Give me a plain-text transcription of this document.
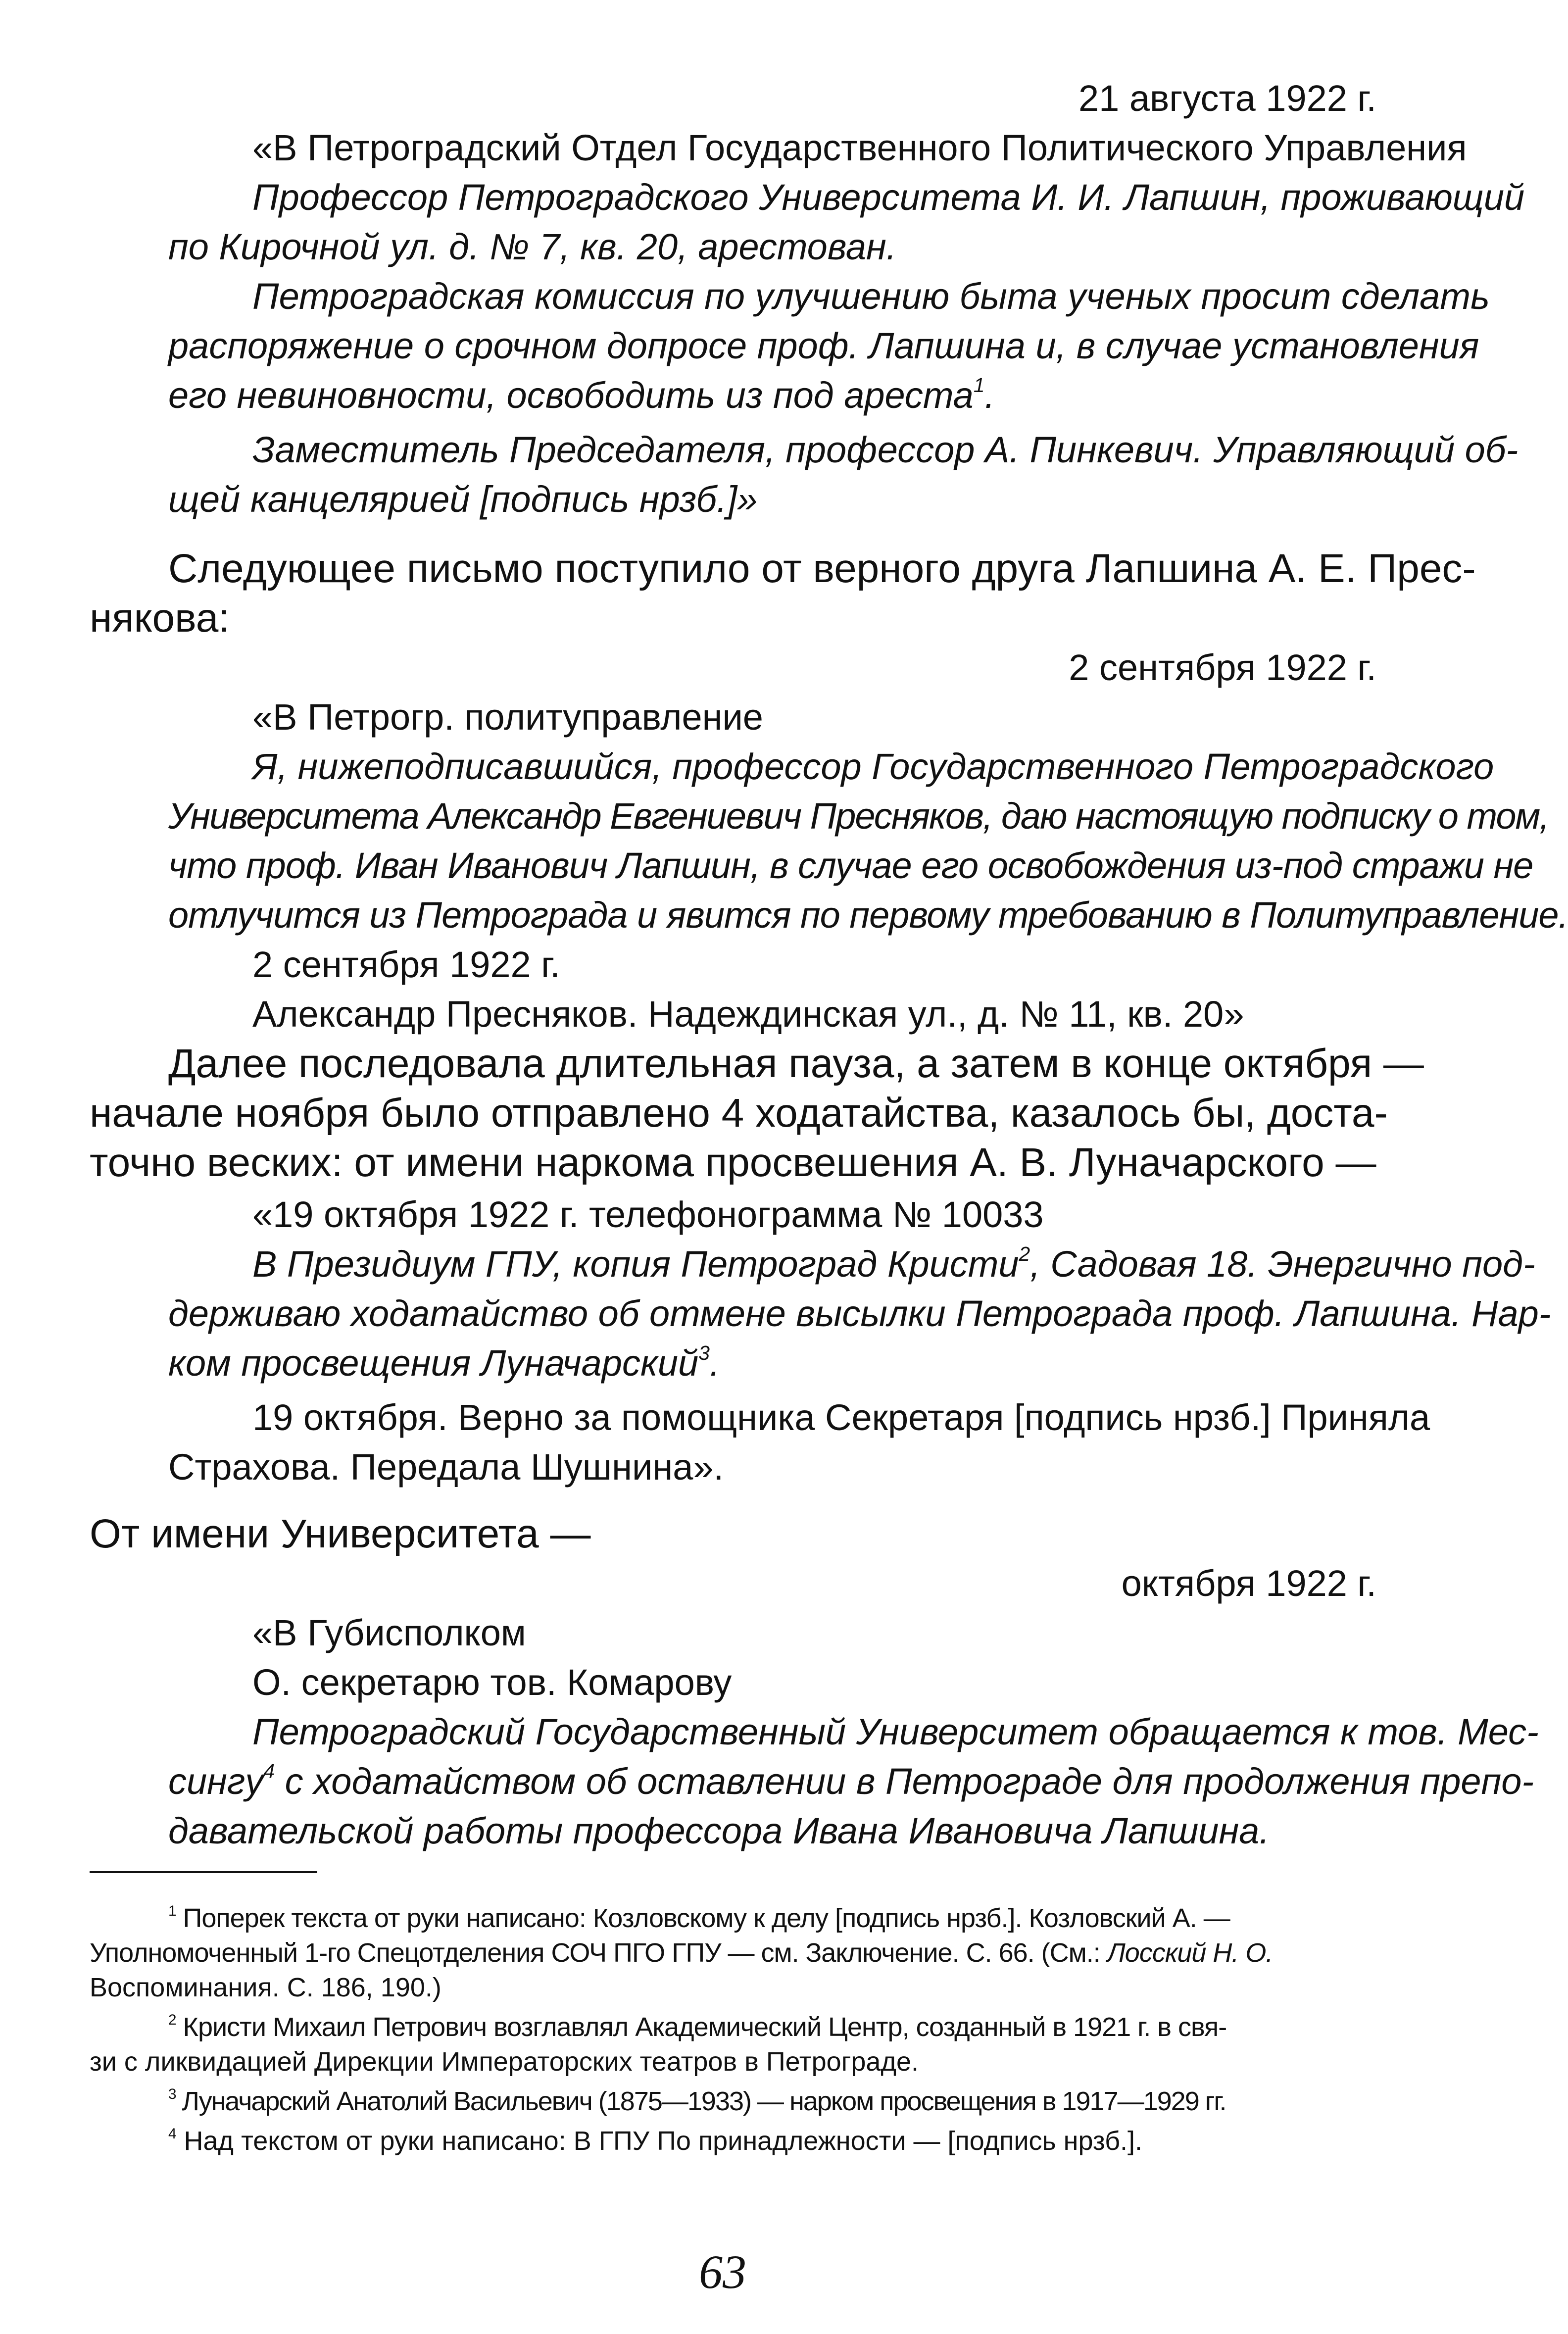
21 августа 1922 г.

«В Петроградский Отдел Государственного Политического Управления

Профессор Петроградского Университета И. И. Лапшин, проживающий

по Кирочной ул. д. № 7, кв. 20, арестован.

Петроградская комиссия по улучшению быта ученых просит сделать

распоряжение о срочном допросе проф. Лапшина и, в случае установления

его невиновности, освободить из под ареста$^1$.

Заместитель Председателя, профессор А. Пинкевич. Управляющий об-

щей канцелярией [подпись нрзб.]»

Следующее письмо поступило от верного друга Лапшина А. Е. Прес-

някова:

2 сентября 1922 г.

«В Петрогр. политуправление

Я, нижеподписавшийся, профессор Государственного Петроградского

Университета Александр Евгениевич Пресняков, даю настоящую подписку о том,

что проф. Иван Иванович Лапшин, в случае его освобождения из-под стражи не

отлучится из Петрограда и явится по первому требованию в Политуправление.

2 сентября 1922 г.

Александр Пресняков. Надеждинская ул., д. № 11, кв. 20»

Далее последовала длительная пауза, а затем в конце октября —

начале ноября было отправлено 4 ходатайства, казалось бы, доста-

точно веских: от имени наркома просвешения А. В. Луначарского —

«19 октября 1922 г. телефонограмма № 10033

В Президиум ГПУ, копия Петроград Кристи$^2$, Садовая 18. Энергично под-

держиваю ходатайство об отмене высылки Петрограда проф. Лапшина. Нар-

ком просвещения Луначарский$^3$.

19 октября. Верно за помощника Секретаря [подпись нрзб.] Приняла

Страхова. Передала Шушнина».

От имени Университета —

октября 1922 г.

«В Губисполком

О. секретарю тов. Комарову

Петроградский Государственный Университет обращается к тов. Мес-

сингу$^4$ с ходатайством об оставлении в Петрограде для продолжения препо-

давательской работы профессора Ивана Ивановича Лапшина.

$^1$ Поперек текста от руки написано: Козловскому к делу [подпись нрзб.]. Козловский А. —

Уполномоченный 1-го Спецотделения СОЧ ПГО ГПУ — см. Заключение. С. 66. (См.: Лосский Н. О.

Воспоминания. С. 186, 190.)

$^2$ Кристи Михаил Петрович возглавлял Академический Центр, созданный в 1921 г. в свя-

зи с ликвидацией Дирекции Императорских театров в Петрограде.

$^3$ Луначарский Анатолий Васильевич (1875—1933) — нарком просвещения в 1917—1929 гг.

$^4$ Над текстом от руки написано: В ГПУ По принадлежности — [подпись нрзб.].

63
